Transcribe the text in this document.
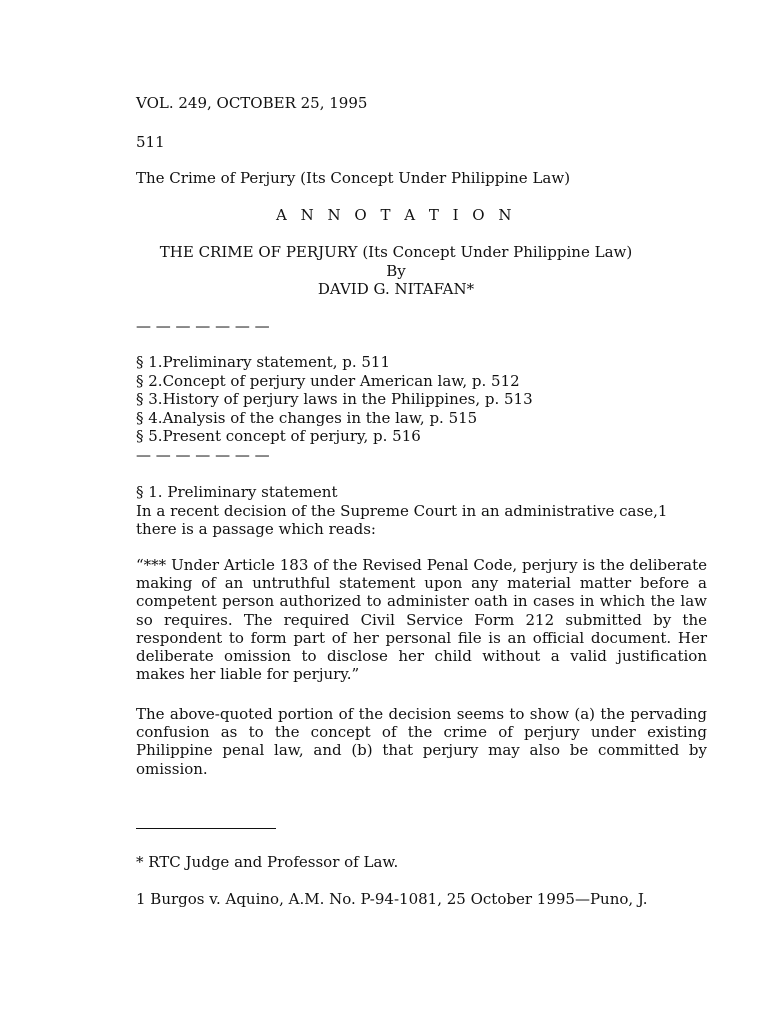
VOL. 249, OCTOBER 25, 1995
511
The Crime of Perjury (Its Concept Under Philippine Law)
A N N O T A T I O N
THE CRIME OF PERJURY (Its Concept Under Philippine Law)
By
DAVID G. NITAFAN*
— — — — — — —
§ 1.Preliminary statement, p. 511
§ 2.Concept of perjury under American law, p. 512
§ 3.History of perjury laws in the Philippines, p. 513
§ 4.Analysis of the changes in the law, p. 515
§ 5.Present concept of perjury, p. 516
— — — — — — —
§ 1. Preliminary statement
In a recent decision of the Supreme Court in an administrative case,1
there is a passage which reads:

“*** Under Article 183 of the Revised Penal Code, perjury is the deliberate making of an untruthful statement upon any material matter before a competent person authorized to administer oath in cases in which the law so requires. The required Civil Service Form 212 submitted by the respondent to form part of her personal file is an official document. Her deliberate omission to disclose her child without a valid justification makes her liable for perjury.”

The above-quoted portion of the decision seems to show (a) the pervading confusion as to the concept of the crime of perjury under existing Philippine penal law, and (b) that perjury may also be committed by omission.

* RTC Judge and Professor of Law.
1 Burgos v. Aquino, A.M. No. P-94-1081, 25 October 1995—Puno, J.
